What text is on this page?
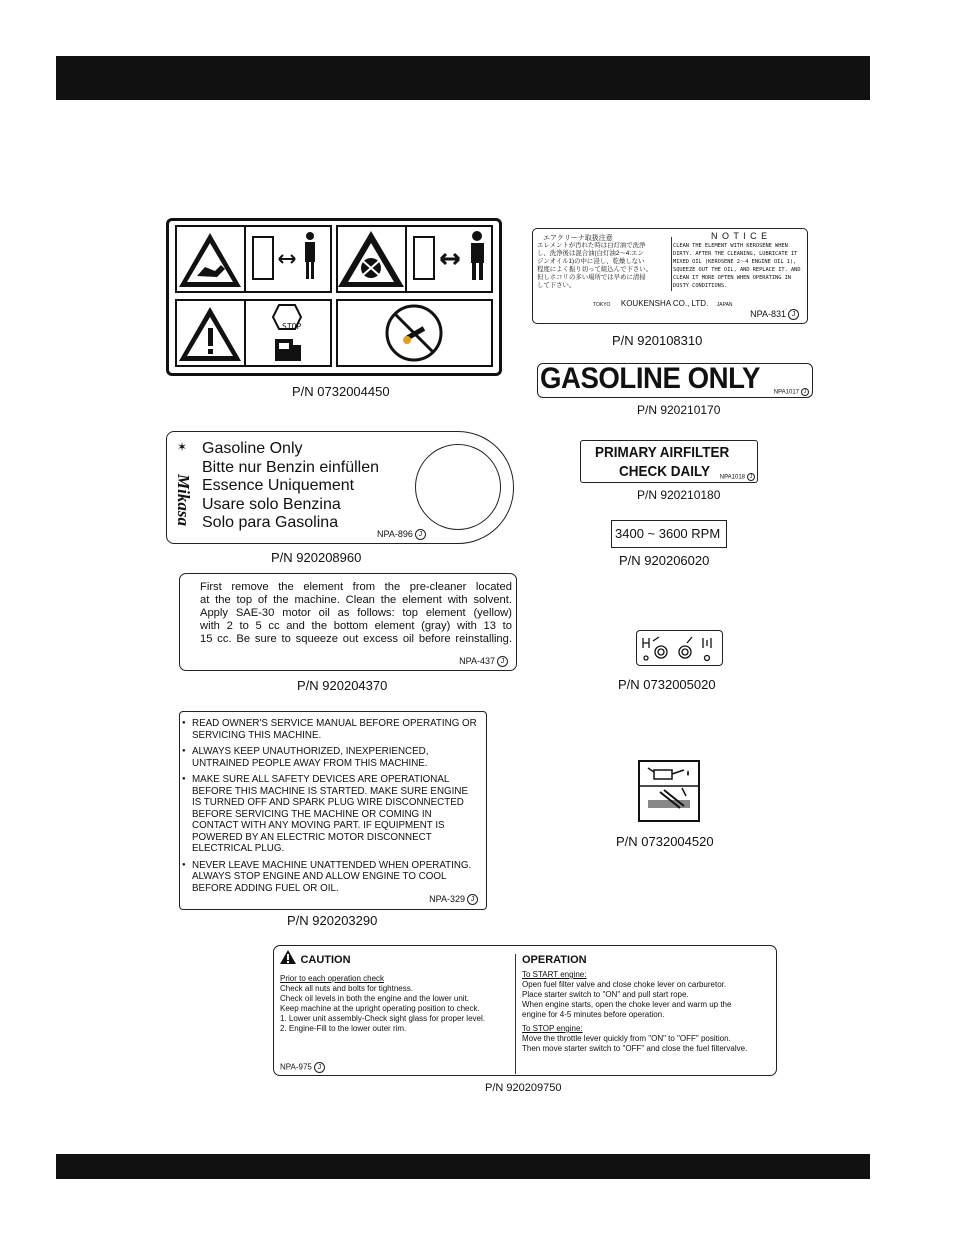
STOP
P/N 0732004450
エアクリーナ取扱注意	N O T I C E
エレメントが汚れた時は白灯油で洗浄
し、洗浄後は混合油(白灯油2～4:エン
ジンオイル1)の中に浸し、乾燥しない
程度によく振り切って組込んで下さい。
但しホコリの多い場所では早めに清掃
して下さい。
CLEAN THE ELEMENT WITH KEROSENE WHEN
DIRTY. AFTER THE CLEANING, LUBRICATE IT
MIXED OIL (KEROSENE 2～4 ENGINE OIL 1),
SQUEEZE OUT THE OIL, AND REPLACE IT. AND
CLEAN IT MORE OFTEN WHEN OPERATING IN
DUSTY CONDITIONS.
TOKYO KOUKENSHA CO., LTD. JAPAN
NPA-831 J
P/N 920108310
GASOLINE ONLY NPA1017 J
P/N 920210170
✶
Mikasa
Gasoline Only
Bitte nur Benzin einfüllen
Essence Uniquement
Usare solo Benzina
Solo para Gasolina
NPA-896 J
P/N 920208960
PRIMARY AIRFILTER
CHECK DAILY NPA1018 J
P/N 920210180
3400 ~ 3600 RPM
P/N 920206020
First remove the element from the pre-cleaner located
at the top of the machine. Clean the element with solvent.
Apply SAE-30 motor oil as follows: top element (yellow)
with 2 to 5 cc and the bottom element (gray) with 13 to
15 cc. Be sure to squeeze out excess oil before reinstalling.
NPA-437 J
P/N 920204370	P/N 0732005020
● READ OWNER'S SERVICE MANUAL BEFORE OPERATING OR
SERVICING THIS MACHINE.
● ALWAYS KEEP UNAUTHORIZED, INEXPERIENCED,
UNTRAINED PEOPLE AWAY FROM THIS MACHINE.
● MAKE SURE ALL SAFETY DEVICES ARE OPERATIONAL
BEFORE THIS MACHINE IS STARTED. MAKE SURE ENGINE
IS TURNED OFF AND SPARK PLUG WIRE DISCONNECTED
BEFORE SERVICING THE MACHINE OR COMING IN
CONTACT WITH ANY MOVING PART. IF EQUIPMENT IS
POWERED BY AN ELECTRIC MOTOR DISCONNECT
ELECTRICAL PLUG.
● NEVER LEAVE MACHINE UNATTENDED WHEN OPERATING.
ALWAYS STOP ENGINE AND ALLOW ENGINE TO COOL
BEFORE ADDING FUEL OR OIL.
NPA-329 J
P/N 920203290
P/N 0732004520
CAUTION
Prior to each operation check
Check all nuts and bolts for tightness.
Check oil levels in both the engine and the lower unit.
Keep machine at the upright operating position to check.
1. Lower unit assembly-Check sight glass for proper level.
2. Engine-Fill to the lower outer rim.
NPA-975 J
OPERATION
To START engine:
Open fuel filter valve and close choke lever on carburetor.
Place starter switch to "ON" and pull start rope.
When engine starts, open the choke lever and warm up the
engine for 4-5 minutes before operation.
To STOP engine:
Move the throttle lever quickly from "ON" to "OFF" position.
Then move starter switch to "OFF" and close the fuel filtervalve.
P/N 920209750
